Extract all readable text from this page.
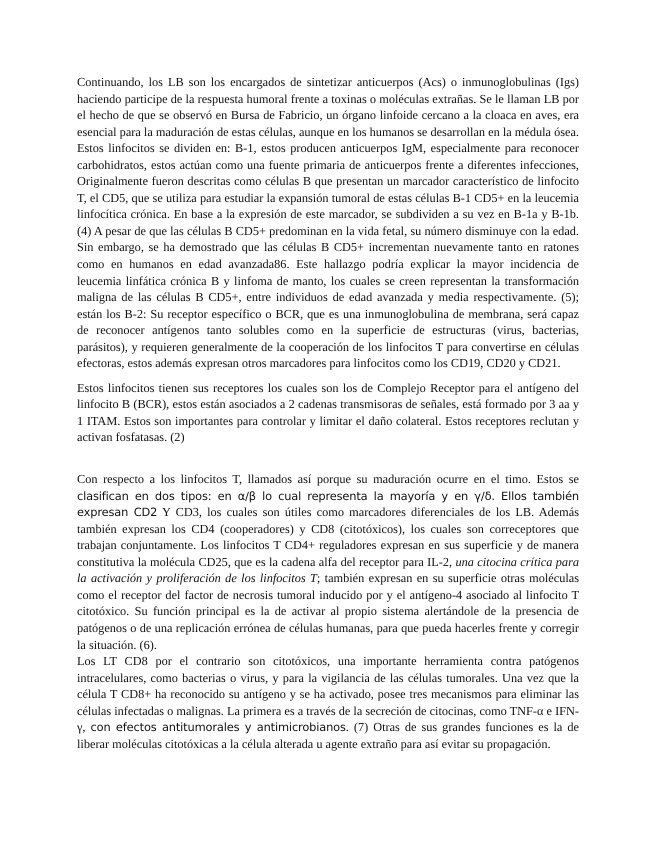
Continuando, los LB son los encargados de sintetizar anticuerpos (Acs) o inmunoglobulinas (Igs) haciendo participe de la respuesta humoral frente a toxinas o moléculas extrañas. Se le llaman LB por el hecho de que se observó en Bursa de Fabricio, un órgano linfoide cercano a la cloaca en aves, era esencial para la maduración de estas células, aunque en los humanos se desarrollan en la médula ósea. Estos linfocitos se dividen en: B-1, estos producen anticuerpos IgM, especialmente para reconocer carbohidratos, estos actúan como una fuente primaria de anticuerpos frente a diferentes infecciones, Originalmente fueron descritas como células B que presentan un marcador característico de linfocito T, el CD5, que se utiliza para estudiar la expansión tumoral de estas células B-1 CD5+ en la leucemia linfocítica crónica. En base a la expresión de este marcador, se subdividen a su vez en B-1a y B-1b. (4) A pesar de que las células B CD5+ predominan en la vida fetal, su número disminuye con la edad. Sin embargo, se ha demostrado que las células B CD5+ incrementan nuevamente tanto en ratones como en humanos en edad avanzada86. Este hallazgo podría explicar la mayor incidencia de leucemia linfática crónica B y linfoma de manto, los cuales se creen representan la transformación maligna de las células B CD5+, entre individuos de edad avanzada y media respectivamente. (5); están los B-2: Su receptor específico o BCR, que es una inmunoglobulina de membrana, será capaz de reconocer antígenos tanto solubles como en la superficie de estructuras (virus, bacterias, parásitos), y requieren generalmente de la cooperación de los linfocitos T para convertirse en células efectoras, estos además expresan otros marcadores para linfocitos como los CD19, CD20 y CD21.

Estos linfocitos tienen sus receptores los cuales son los de Complejo Receptor para el antígeno del linfocito B (BCR), estos están asociados a 2 cadenas transmisoras de señales, está formado por 3 aa y 1 ITAM. Estos son importantes para controlar y limitar el daño colateral. Estos receptores reclutan y activan fosfatasas. (2)

Con respecto a los linfocitos T, llamados así porque su maduración ocurre en el timo. Estos se clasifican en dos tipos: en α/β lo cual representa la mayoría y en γ/δ. Ellos también expresan CD2 Y CD3, los cuales son útiles como marcadores diferenciales de los LB. Además también expresan los CD4 (cooperadores) y CD8 (citotóxicos), los cuales son correceptores que trabajan conjuntamente. Los linfocitos T CD4+ reguladores expresan en sus superficie y de manera constitutiva la molécula CD25, que es la cadena alfa del receptor para IL-2, una citocina crítica para la activación y proliferación de los linfocitos T; también expresan en su superficie otras moléculas como el receptor del factor de necrosis tumoral inducido por y el antígeno-4 asociado al linfocito T citotóxico. Su función principal es la de activar al propio sistema alertándole de la presencia de patógenos o de una replicación errónea de células humanas, para que pueda hacerles frente y corregir la situación. (6).

Los LT CD8 por el contrario son citotóxicos, una importante herramienta contra patógenos intracelulares, como bacterias o virus, y para la vigilancia de las células tumorales. Una vez que la célula T CD8+ ha reconocido su antígeno y se ha activado, posee tres mecanismos para eliminar las células infectadas o malignas. La primera es a través de la secreción de citocinas, como TNF-α e IFN-γ, con efectos antitumorales y antimicrobianos. (7) Otras de sus grandes funciones es la de liberar moléculas citotóxicas a la célula alterada u agente extraño para así evitar su propagación.
